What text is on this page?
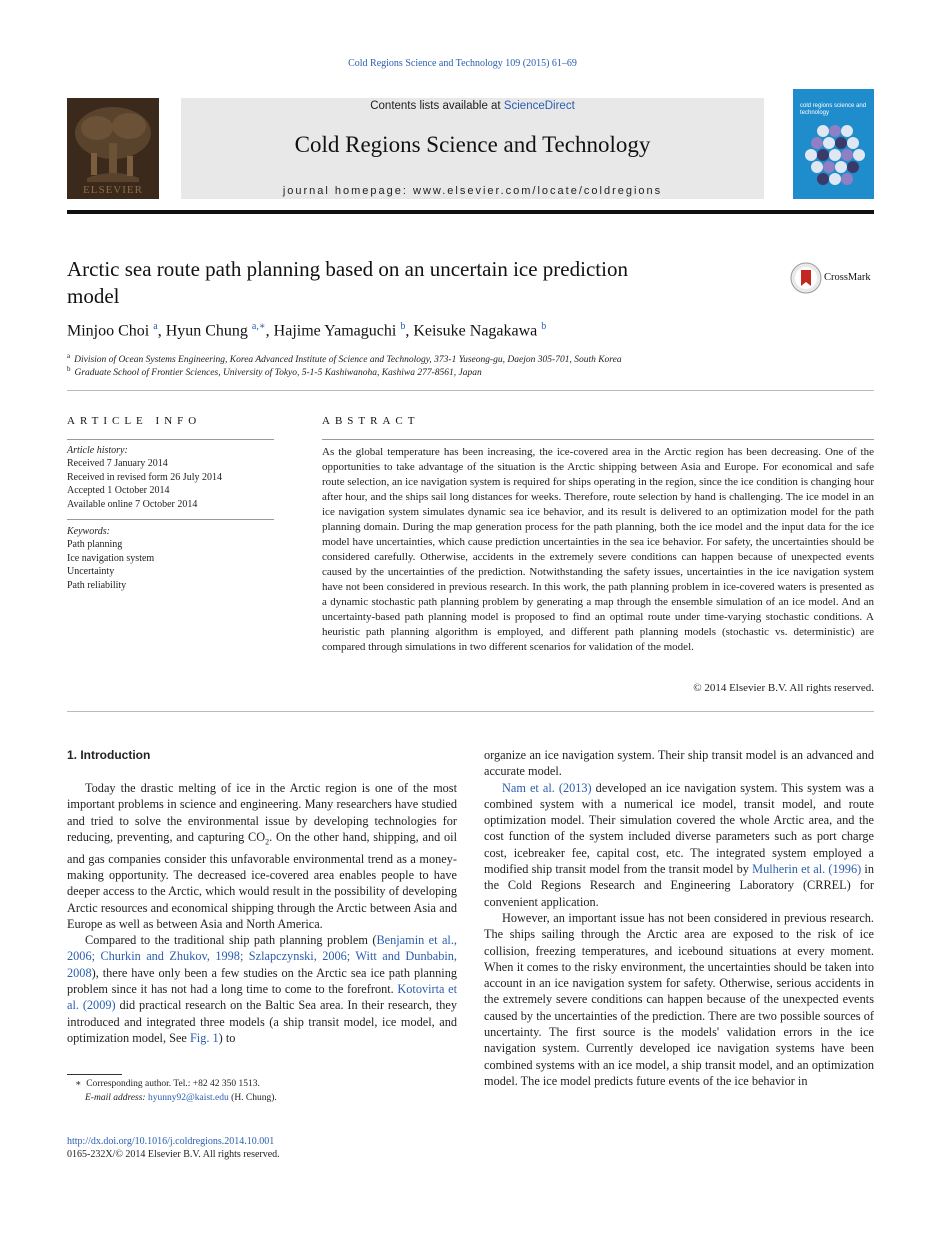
Cold Regions Science and Technology 109 (2015) 61–69
ELSEVIER
Contents lists available at ScienceDirect
Cold Regions Science and Technology
journal homepage: www.elsevier.com/locate/coldregions
cold regions science and technology
Arctic sea route path planning based on an uncertain ice prediction model
CrossMark
Minjoo Choi $^a$, Hyun Chung $^{a,∗}$, Hajime Yamaguchi $^b$, Keisuke Nagakawa $^b$
$^a$ Division of Ocean Systems Engineering, Korea Advanced Institute of Science and Technology, 373-1 Yuseong-gu, Daejon 305-701, South Korea
$^b$ Graduate School of Frontier Sciences, University of Tokyo, 5-1-5 Kashiwanoha, Kashiwa 277-8561, Japan
ARTICLE INFO
Article history:
Received 7 January 2014
Received in revised form 26 July 2014
Accepted 1 October 2014
Available online 7 October 2014
Keywords:
Path planning
Ice navigation system
Uncertainty
Path reliability
ABSTRACT
As the global temperature has been increasing, the ice-covered area in the Arctic region has been decreasing. One of the opportunities to take advantage of the situation is the Arctic shipping between Asia and Europe. For economical and safe route selection, an ice navigation system is required for ships operating in the region, since the ice condition is changing hour after hour, and the ships sail long distances for weeks. Therefore, route selection by hand is challenging. The ice model in an ice navigation system simulates dynamic sea ice behavior, and its result is delivered to an optimization model for the path planning domain. During the map generation process for the path planning, both the ice model and the input data for the ice model have uncertainties, which cause prediction uncertainties in the sea ice behavior. For safety, the uncertainties should be considered carefully. Otherwise, accidents in the extremely severe conditions can happen because of unexpected events caused by the uncertainties of the prediction. Notwithstanding the safety issues, uncertainties in the ice navigation system have not been considered in previous research. In this work, the path planning problem in ice-covered waters is presented as a dynamic stochastic path planning problem by generating a map through the ensemble simulation of an ice model. And an uncertainty-based path planning model is proposed to find an optimal route under time-varying stochastic conditions. A heuristic path planning algorithm is employed, and different path planning models (stochastic vs. deterministic) are compared through simulations in two different scenarios for validation of the model.
© 2014 Elsevier B.V. All rights reserved.
1. Introduction

Today the drastic melting of ice in the Arctic region is one of the most important problems in science and engineering. Many researchers have studied and tried to solve the environmental issue by developing technologies for reducing, preventing, and capturing $CO_2$. On the other hand, shipping, and oil and gas companies consider this unfavorable environmental trend as a money-making opportunity. The decreased ice-covered area enables people to have deeper access to the Arctic, which would result in the possibility of developing Arctic resources and economical shipping through the Arctic between Asia and Europe as well as between Asia and North America.

Compared to the traditional ship path planning problem (Benjamin et al., 2006; Churkin and Zhukov, 1998; Szlapczynski, 2006; Witt and Dunbabin, 2008), there have only been a few studies on the Arctic sea ice path planning problem since it has not had a long time to come to the forefront. Kotovirta et al. (2009) did practical research on the Baltic Sea area. In their research, they introduced and integrated three models (a ship transit model, ice model, and optimization model, See Fig. 1) to

organize an ice navigation system. Their ship transit model is an advanced and accurate model.

Nam et al. (2013) developed an ice navigation system. This system was a combined system with a numerical ice model, transit model, and route optimization model. Their simulation covered the whole Arctic area, and the cost function of the system included diverse parameters such as port charge cost, icebreaker fee, capital cost, etc. The integrated system employed a modified ship transit model from the transit model by Mulherin et al. (1996) in the Cold Regions Research and Engineering Laboratory (CRREL) for convenient application.

However, an important issue has not been considered in previous research. The ships sailing through the Arctic area are exposed to the risk of ice collision, freezing temperatures, and icebound situations at every moment. When it comes to the risky environment, the uncertainties should be taken into account in an ice navigation system for safety. Otherwise, serious accidents in the extremely severe conditions can happen because of the unexpected events caused by the uncertainties of the prediction. There are two possible sources of uncertainty. The first source is the models' validation errors in the ice navigation system. Currently developed ice navigation systems have been combined systems with an ice model, a ship transit model, and an optimization model. The ice model predicts future events of the ice behavior in

∗ Corresponding author. Tel.: +82 42 350 1513.
E-mail address: hyunny92@kaist.edu (H. Chung).
http://dx.doi.org/10.1016/j.coldregions.2014.10.001
0165-232X/© 2014 Elsevier B.V. All rights reserved.
